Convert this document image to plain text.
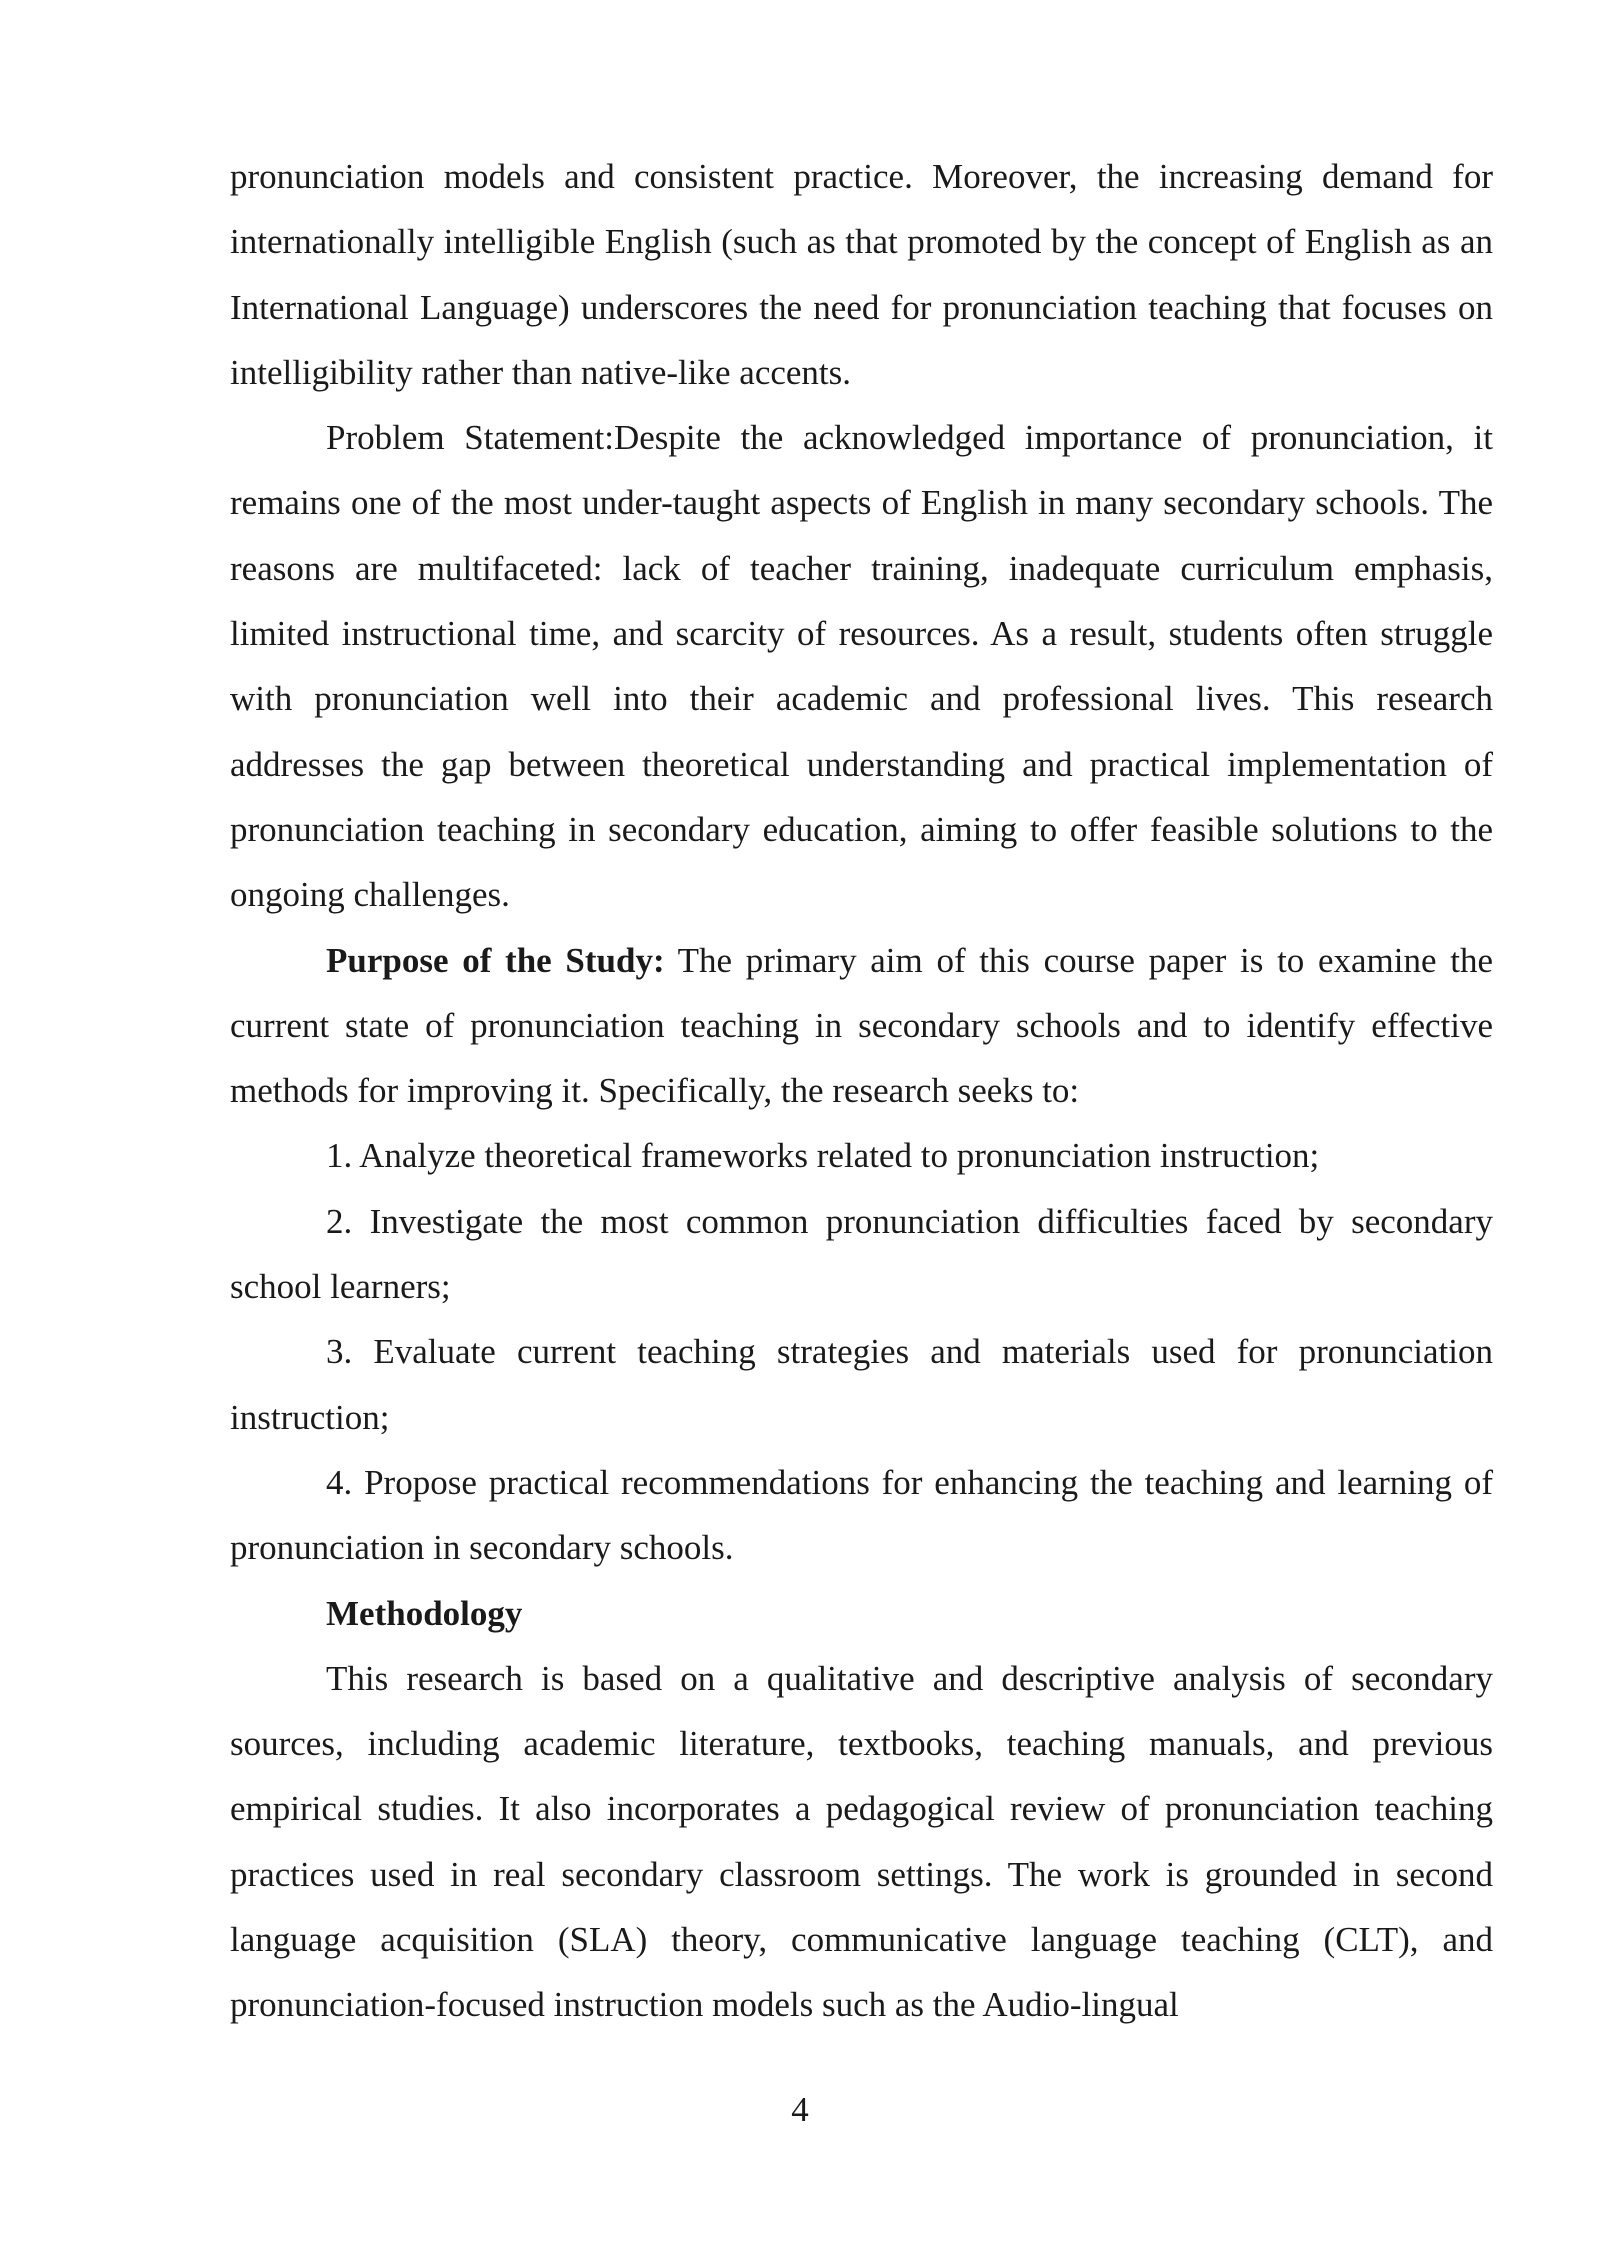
pronunciation models and consistent practice. Moreover, the increasing demand for internationally intelligible English (such as that promoted by the concept of English as an International Language) underscores the need for pronunciation teaching that focuses on intelligibility rather than native-like accents.

Problem Statement:Despite the acknowledged importance of pronunciation, it remains one of the most under-taught aspects of English in many secondary schools. The reasons are multifaceted: lack of teacher training, inadequate curriculum emphasis, limited instructional time, and scarcity of resources. As a result, students often struggle with pronunciation well into their academic and professional lives. This research addresses the gap between theoretical understanding and practical implementation of pronunciation teaching in secondary education, aiming to offer feasible solutions to the ongoing challenges.

Purpose of the Study: The primary aim of this course paper is to examine the current state of pronunciation teaching in secondary schools and to identify effective methods for improving it. Specifically, the research seeks to:

1. Analyze theoretical frameworks related to pronunciation instruction;

2. Investigate the most common pronunciation difficulties faced by secondary school learners;

3. Evaluate current teaching strategies and materials used for pronunciation instruction;

4. Propose practical recommendations for enhancing the teaching and learning of pronunciation in secondary schools.

Methodology

This research is based on a qualitative and descriptive analysis of secondary sources, including academic literature, textbooks, teaching manuals, and previous empirical studies. It also incorporates a pedagogical review of pronunciation teaching practices used in real secondary classroom settings. The work is grounded in second language acquisition (SLA) theory, communicative language teaching (CLT), and pronunciation-focused instruction models such as the Audio-lingual

4
